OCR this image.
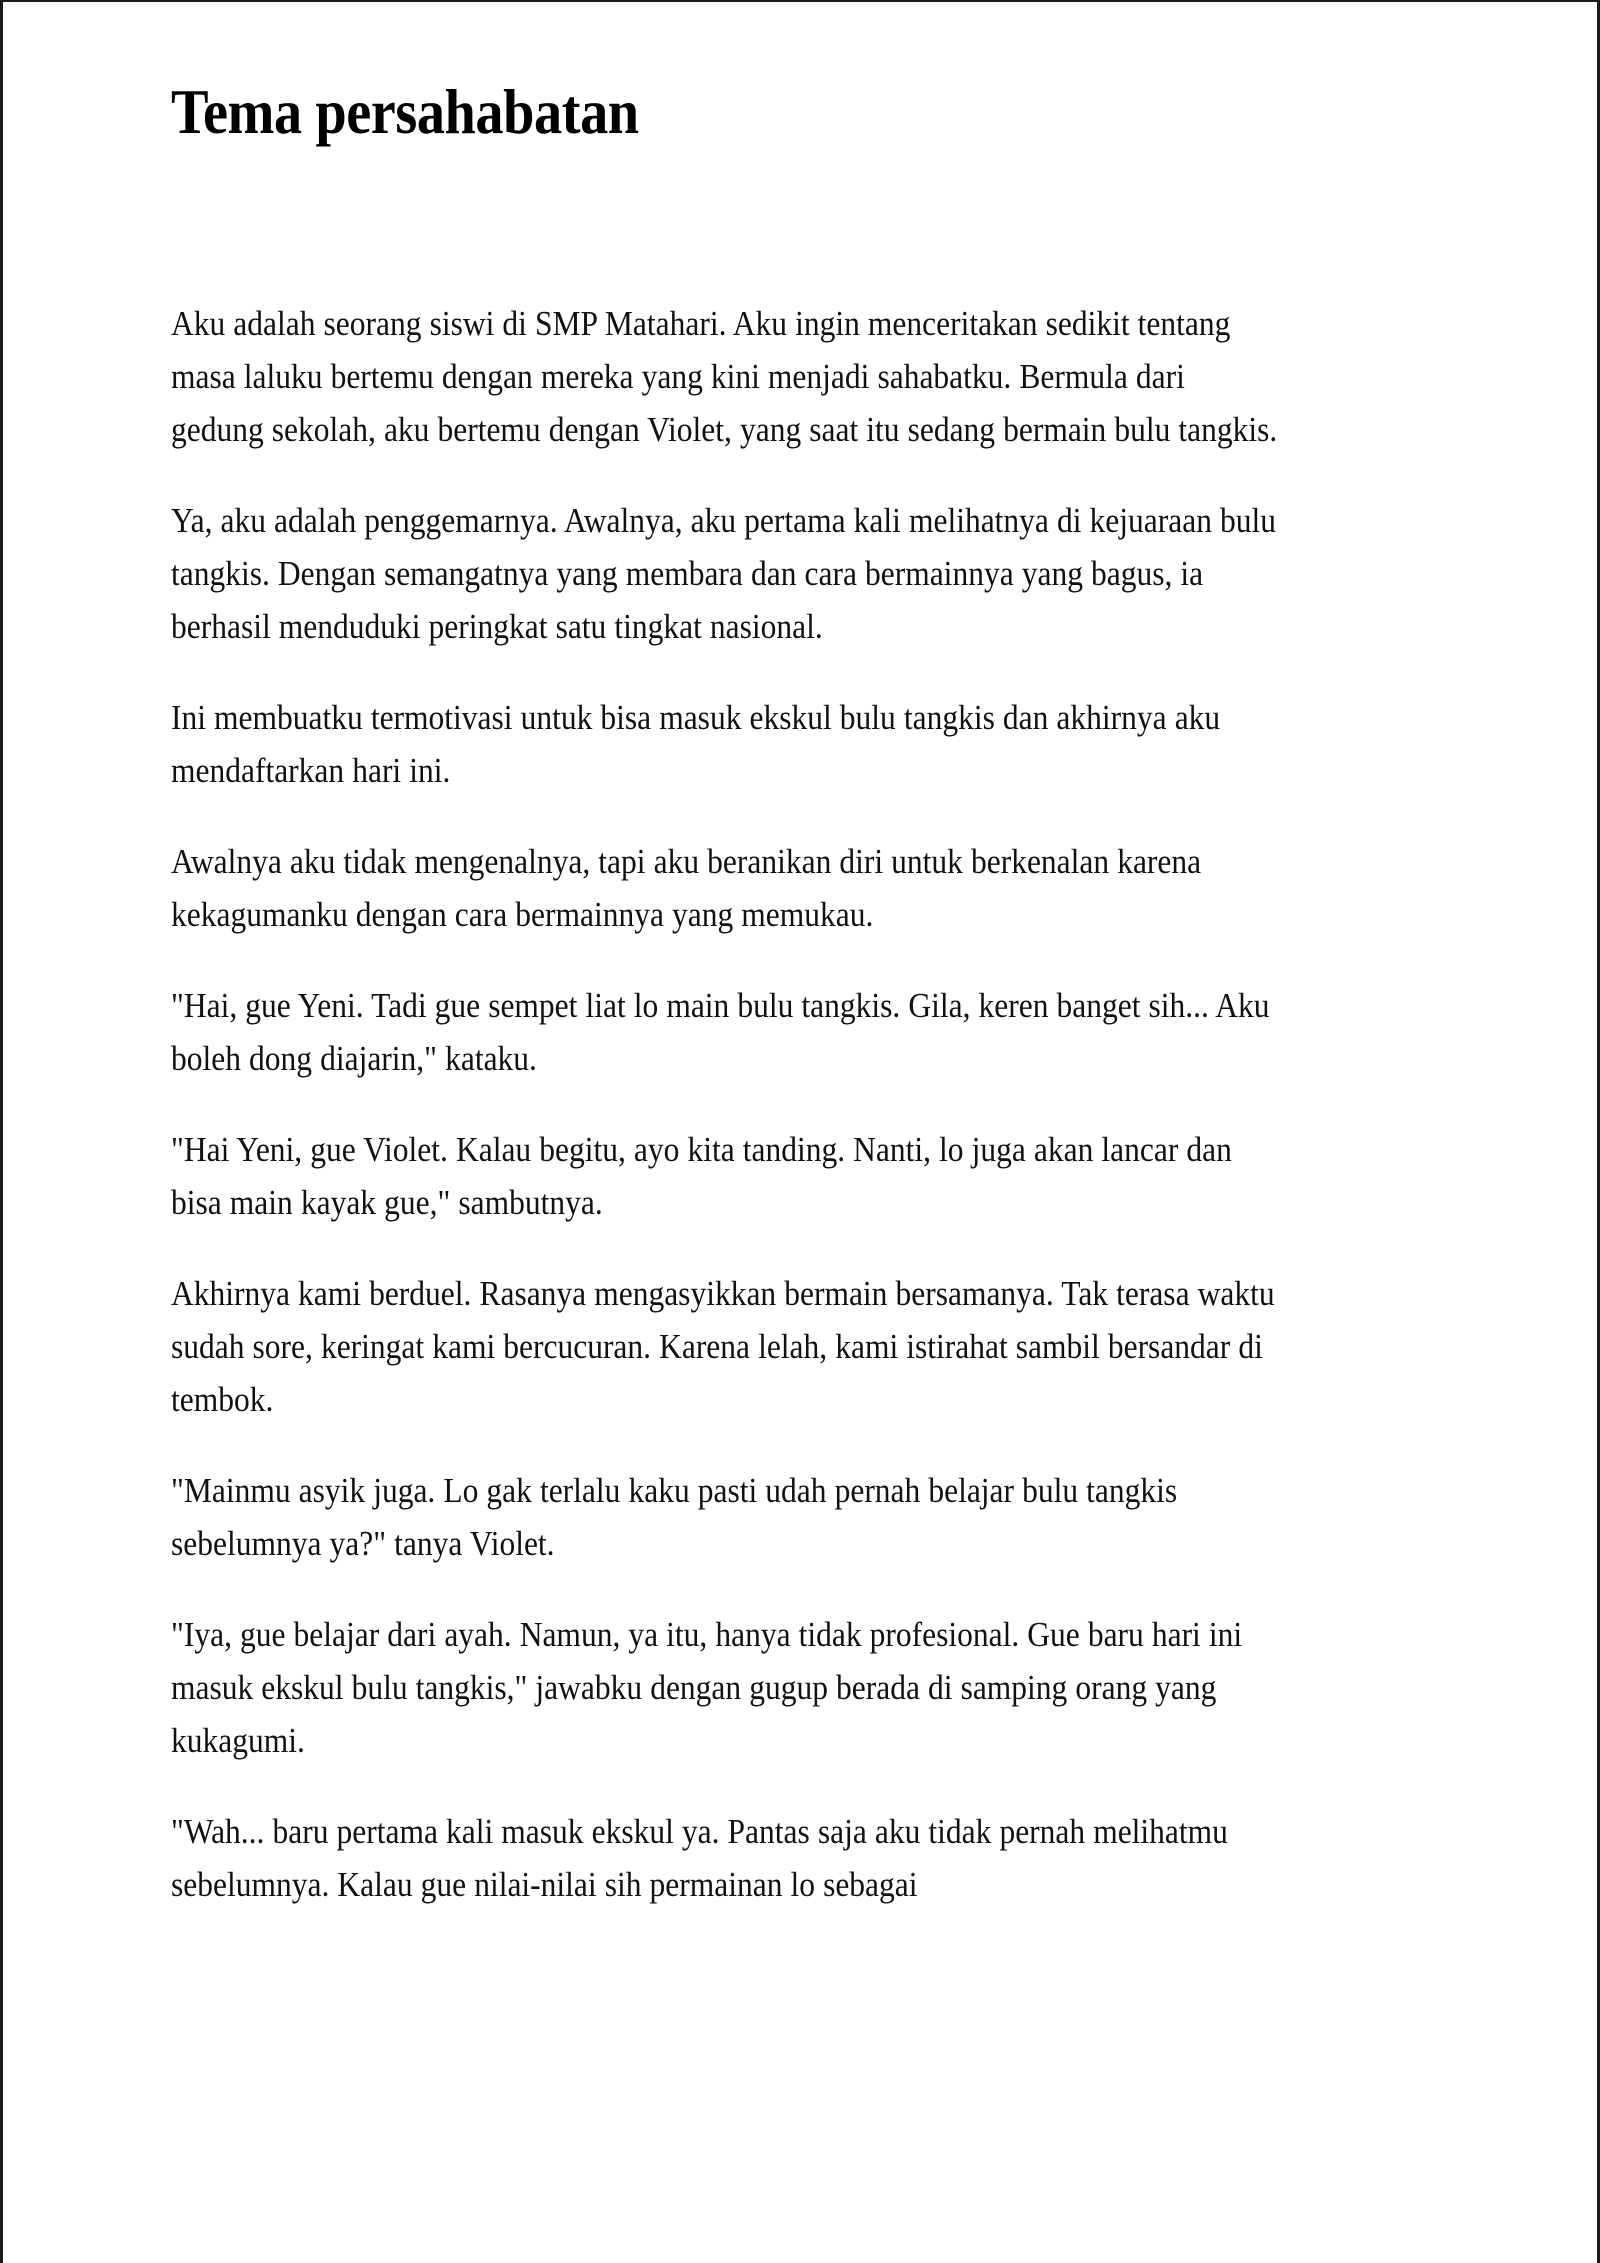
Tema persahabatan

Aku adalah seorang siswi di SMP Matahari. Aku ingin menceritakan sedikit tentang masa laluku bertemu dengan mereka yang kini menjadi sahabatku. Bermula dari gedung sekolah, aku bertemu dengan Violet, yang saat itu sedang bermain bulu tangkis.

Ya, aku adalah penggemarnya. Awalnya, aku pertama kali melihatnya di kejuaraan bulu tangkis. Dengan semangatnya yang membara dan cara bermainnya yang bagus, ia berhasil menduduki peringkat satu tingkat nasional.

Ini membuatku termotivasi untuk bisa masuk ekskul bulu tangkis dan akhirnya aku mendaftarkan hari ini.

Awalnya aku tidak mengenalnya, tapi aku beranikan diri untuk berkenalan karena kekagumanku dengan cara bermainnya yang memukau.

"Hai, gue Yeni. Tadi gue sempet liat lo main bulu tangkis. Gila, keren banget sih... Aku boleh dong diajarin," kataku.

"Hai Yeni, gue Violet. Kalau begitu, ayo kita tanding. Nanti, lo juga akan lancar dan bisa main kayak gue," sambutnya.

Akhirnya kami berduel. Rasanya mengasyikkan bermain bersamanya. Tak terasa waktu sudah sore, keringat kami bercucuran. Karena lelah, kami istirahat sambil bersandar di tembok.

"Mainmu asyik juga. Lo gak terlalu kaku pasti udah pernah belajar bulu tangkis sebelumnya ya?" tanya Violet.

"Iya, gue belajar dari ayah. Namun, ya itu, hanya tidak profesional. Gue baru hari ini masuk ekskul bulu tangkis," jawabku dengan gugup berada di samping orang yang kukagumi.

"Wah... baru pertama kali masuk ekskul ya. Pantas saja aku tidak pernah melihatmu sebelumnya. Kalau gue nilai-nilai sih permainan lo sebagai
